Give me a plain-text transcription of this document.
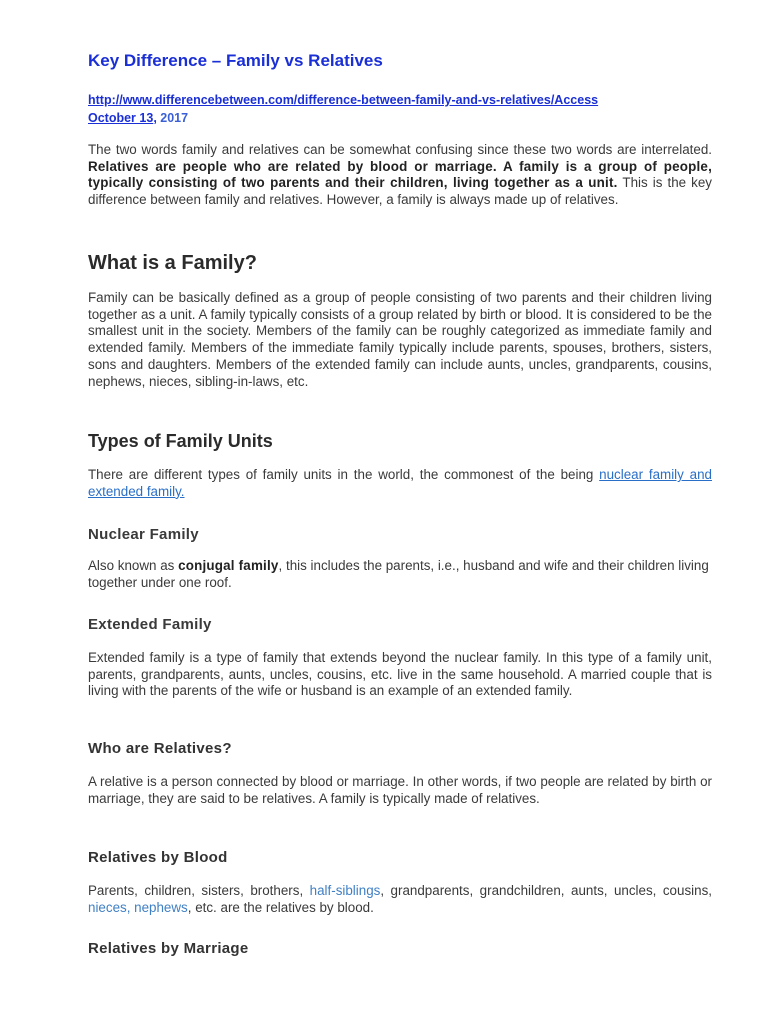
Key Difference – Family vs Relatives
http://www.differencebetween.com/difference-between-family-and-vs-relatives/Access
October 13, 2017

The two words family and relatives can be somewhat confusing since these two words are interrelated. Relatives are people who are related by blood or marriage. A family is a group of people, typically consisting of two parents and their children, living together as a unit. This is the key difference between family and relatives. However, a family is always made up of relatives.

What is a Family?

Family can be basically defined as a group of people consisting of two parents and their children living together as a unit. A family typically consists of a group related by birth or blood. It is considered to be the smallest unit in the society. Members of the family can be roughly categorized as immediate family and extended family. Members of the immediate family typically include parents, spouses, brothers, sisters, sons and daughters. Members of the extended family can include aunts, uncles, grandparents, cousins, nephews, nieces, sibling-in-laws, etc.

Types of Family Units

There are different types of family units in the world, the commonest of the being nuclear family and extended family.

Nuclear Family

Also known as conjugal family, this includes the parents, i.e., husband and wife and their children living together under one roof.

Extended Family

Extended family is a type of family that extends beyond the nuclear family. In this type of a family unit, parents, grandparents, aunts, uncles, cousins, etc. live in the same household. A married couple that is living with the parents of the wife or husband is an example of an extended family.

Who are Relatives?

A relative is a person connected by blood or marriage. In other words, if two people are related by birth or marriage, they are said to be relatives. A family is typically made of relatives.

Relatives by Blood

Parents, children, sisters, brothers, half-siblings, grandparents, grandchildren, aunts, uncles, cousins, nieces, nephews, etc. are the relatives by blood.

Relatives by Marriage
